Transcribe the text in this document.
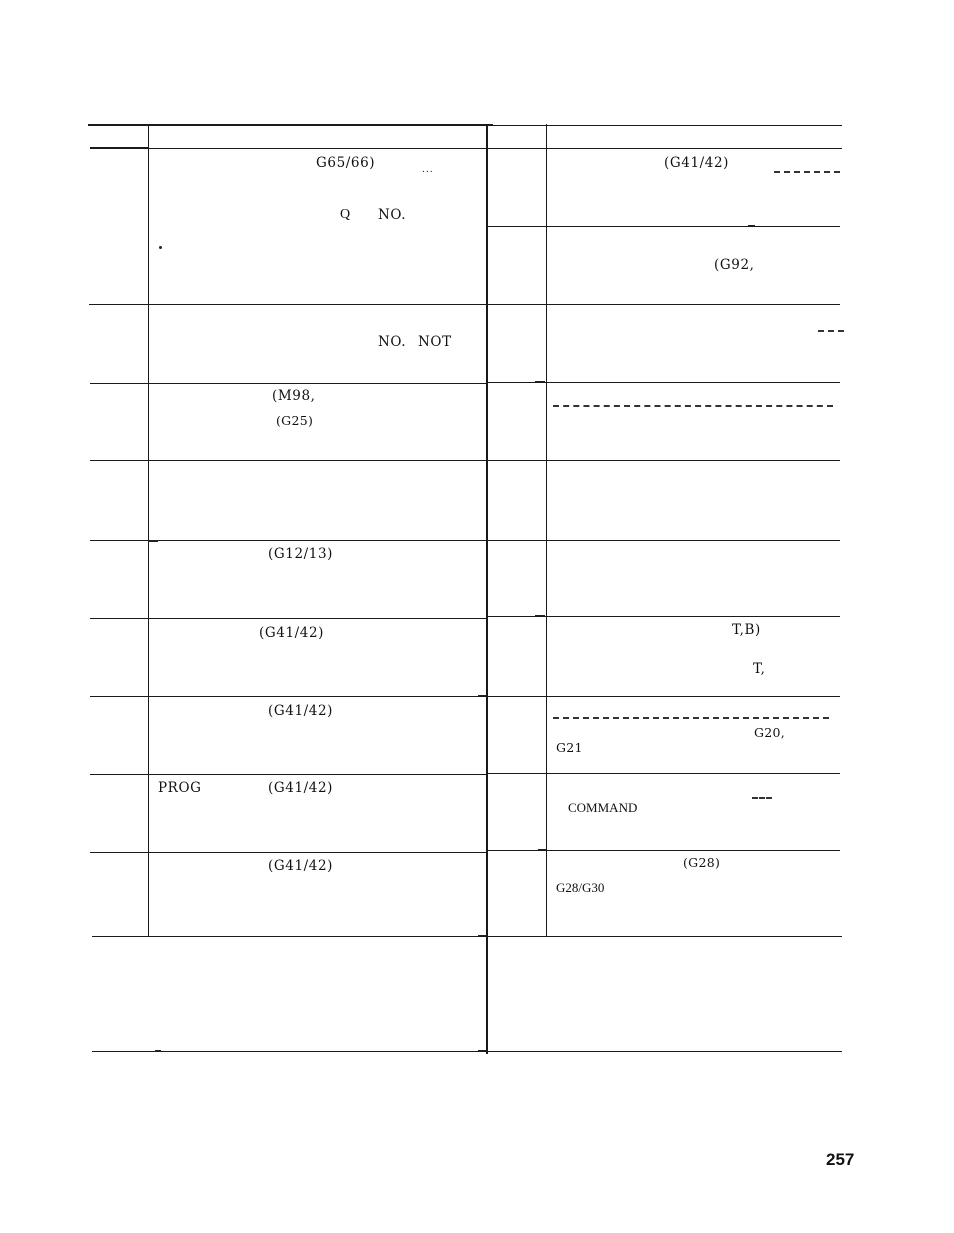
G65/66)	...
Q NO.
NO. NOT
(M98,
(G25)
(G12/13)
(G41/42)
(G41/42)
PROG	(G41/42)
(G41/42)
(G41/42)
(G92,
T,B)
T,
G20,
G21
COMMAND
(G28)
G28/G30
257
